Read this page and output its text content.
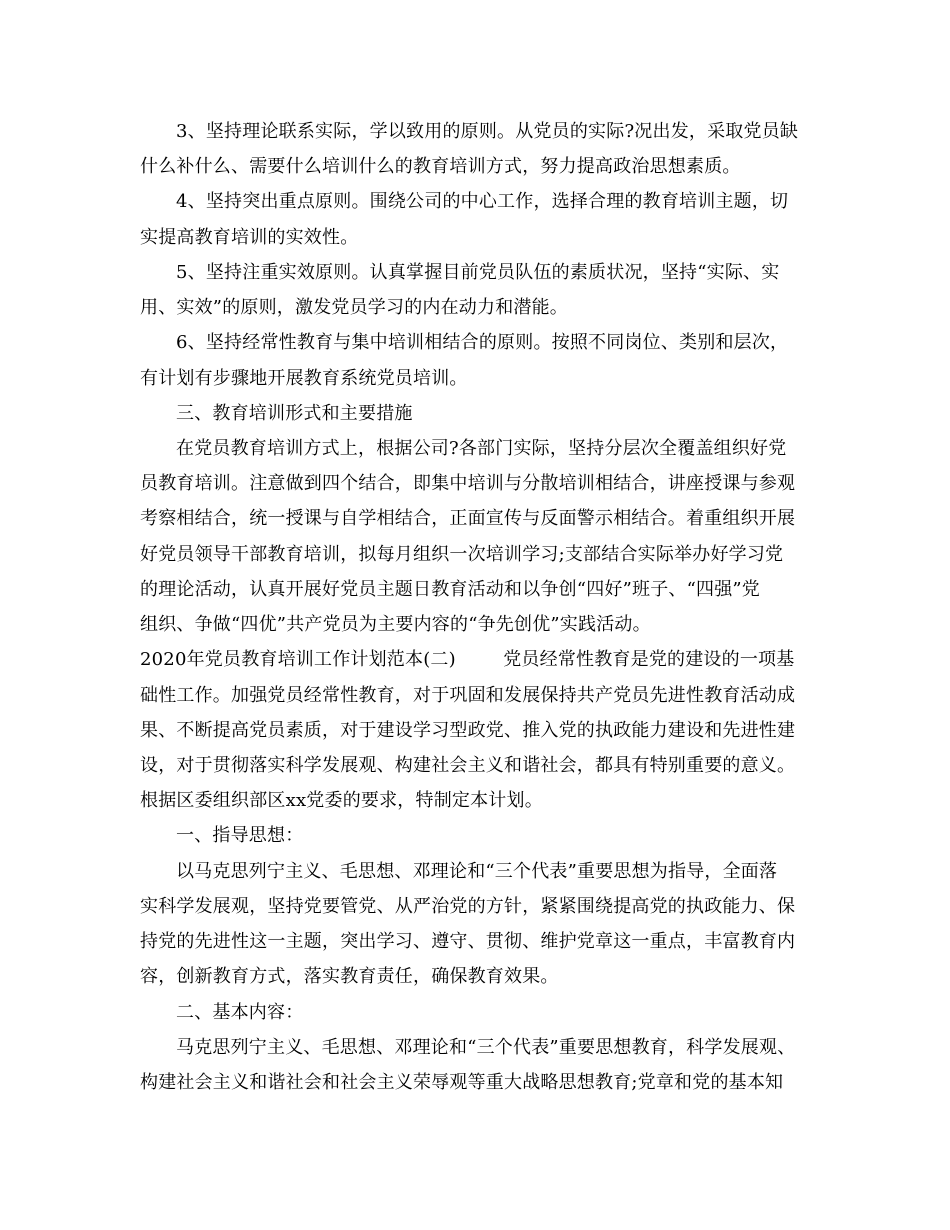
3、坚持理论联系实际，学以致用的原则。从党员的实际?况出发，采取党员缺
什么补什么、需要什么培训什么的教育培训方式，努力提高政治思想素质。
4、坚持突出重点原则。围绕公司的中心工作，选择合理的教育培训主题，切
实提高教育培训的实效性。
5、坚持注重实效原则。认真掌握目前党员队伍的素质状况，坚持“实际、实
用、实效”的原则，激发党员学习的内在动力和潜能。
6、坚持经常性教育与集中培训相结合的原则。按照不同岗位、类别和层次，
有计划有步骤地开展教育系统党员培训。
三、教育培训形式和主要措施
在党员教育培训方式上，根据公司?各部门实际，坚持分层次全覆盖组织好党
员教育培训。注意做到四个结合，即集中培训与分散培训相结合，讲座授课与参观
考察相结合，统一授课与自学相结合，正面宣传与反面警示相结合。着重组织开展
好党员领导干部教育培训，拟每月组织一次培训学习;支部结合实际举办好学习党
的理论活动，认真开展好党员主题日教育活动和以争创“四好”班子、“四强”党
组织、争做“四优”共产党员为主要内容的“争先创优”实践活动。
2020年党员教育培训工作计划范本(二)        党员经常性教育是党的建设的一项基
础性工作。加强党员经常性教育，对于巩固和发展保持共产党员先进性教育活动成
果、不断提高党员素质，对于建设学习型政党、推入党的执政能力建设和先进性建
设，对于贯彻落实科学发展观、构建社会主义和谐社会，都具有特别重要的意义。
根据区委组织部区xx党委的要求，特制定本计划。
一、指导思想：
以马克思列宁主义、毛思想、邓理论和“三个代表”重要思想为指导，全面落
实科学发展观，坚持党要管党、从严治党的方针，紧紧围绕提高党的执政能力、保
持党的先进性这一主题，突出学习、遵守、贯彻、维护党章这一重点，丰富教育内
容，创新教育方式，落实教育责任，确保教育效果。
二、基本内容：
马克思列宁主义、毛思想、邓理论和“三个代表”重要思想教育，科学发展观、
构建社会主义和谐社会和社会主义荣辱观等重大战略思想教育;党章和党的基本知
